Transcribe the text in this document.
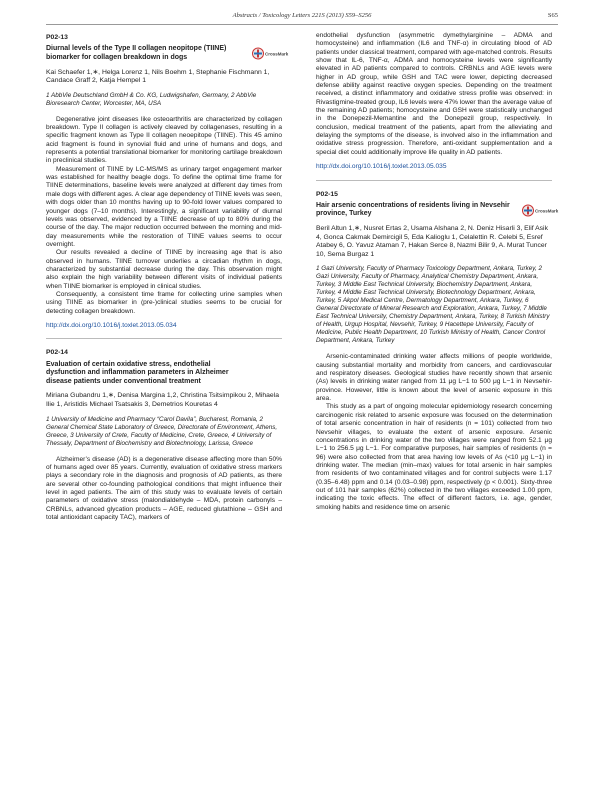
Abstracts / Toxicology Letters 221S (2013) S59–S256	S65
P02-13
Diurnal levels of the Type II collagen neopitope (TIINE) biomarker for collagen breakdown in dogs	CrossMark
Kai Schaefer 1,∗, Helga Lorenz 1, Nils Boehm 1, Stephanie Fischmann 1, Candace Graff 2, Katja Hempel 1
1 AbbVie Deutschland GmbH & Co. KG, Ludwigshafen, Germany, 2 AbbVie Bioresearch Center, Worcester, MA, USA

Degenerative joint diseases like osteoarthritis are characterized by collagen breakdown. Type II collagen is actively cleaved by collagenases, resulting in a specific fragment known as Type II collagen neoepitope (TIINE). This 45 amino acid fragment is found in synovial fluid and urine of humans and dogs, and represents a potential translational biomarker for monitoring cartilage breakdown in preclinical studies.

Measurement of TIINE by LC-MS/MS as urinary target engagement marker was established for healthy beagle dogs. To define the optimal time frame for TIINE determinations, baseline levels were analyzed at different day times from male dogs with different ages. A clear age dependency of TIINE levels was seen, with dogs older than 10 months having up to 90-fold lower values compared to younger dogs (7–10 months). Interestingly, a significant variability of diurnal levels was observed, evidenced by a TIINE decrease of up to 80% during the course of the day. The major reduction occurred between the morning and mid-day measurements while the restoration of TIINE values seems to occur overnight.

Our results revealed a decline of TIINE by increasing age that is also observed in humans. TIINE turnover underlies a circadian rhythm in dogs, characterized by substantial decrease during the day. This observation might also explain the high variability between different visits of individual patients when TIINE biomarker is employed in clinical studies.

Consequently, a consistent time frame for collecting urine samples when using TIINE as biomarker in (pre-)clinical studies seems to be crucial for detecting collagen breakdown.

http://dx.doi.org/10.1016/j.toxlet.2013.05.034
P02-14
Evaluation of certain oxidative stress, endothelial dysfunction and inflammation parameters in Alzheimer disease patients under conventional treatment
Miriana Gubandru 1,∗, Denisa Margina 1,2, Christina Tsitsimpikou 2, Mihaela Ilie 1, Aristidis Michael Tsatsakis 3, Demetrios Kouretas 4
1 University of Medicine and Pharmacy “Carol Davila”, Bucharest, Romania, 2 General Chemical State Laboratory of Greece, Directorate of Environment, Athens, Greece, 3 University of Crete, Faculty of Medicine, Crete, Greece, 4 University of Thessaly, Department of Biochemistry and Biotechnology, Larissa, Greece

Alzheimer’s disease (AD) is a degenerative disease affecting more than 50% of humans aged over 85 years. Currently, evaluation of oxidative stress markers plays a secondary role in the diagnosis and prognosis of AD patients, as there are several other co-founding pathological conditions that might influence their level in aged patients. The aim of this study was to evaluate levels of certain parameters of oxidative stress (malondialdehyde – MDA, protein carbonyls – CRBNLs, advanced glycation products – AGE, reduced glutathione – GSH and total antioxidant capacity TAC), markers of

endothelial dysfunction (asymmetric dymethylarginine – ADMA and homocysteine) and inflammation (IL6 and TNF-α) in circulating blood of AD patients under classical treatment, compared with age-matched controls. Results show that IL-6, TNF-α, ADMA and homocysteine levels were significantly elevated in AD patients compared to controls. CRBNLs and AGE levels were higher in AD group, while GSH and TAC were lower, depicting decreased defense ability against reactive oxygen species. Depending on the treatment received, a distinct inflammatory and oxidative stress profile was observed: in Rivastigmine-treated group, IL6 levels were 47% lower than the average value of the remaining AD patients; homocysteine and GSH were statistically unchanged in the Donepezil-Memantine and the Donepezil group, respectively. In conclusion, medical treatment of the patients, apart from the alleviating and delaying the symptoms of the disease, is involved also in the inflammation and oxidative stress progression. Therefore, anti-oxidant supplementation and a special diet could additionally improve life quality in AD patients.

http://dx.doi.org/10.1016/j.toxlet.2013.05.035
P02-15
Hair arsenic concentrations of residents living in Nevsehir province, Turkey	CrossMark
Beril Altun 1,∗, Nusret Ertas 2, Usama Alshana 2, N. Deniz Hisarli 3, Elif Asik 4, Gonca Cakmak Demircigil 5, Eda Kalioglu 1, Celalettin R. Celebi 5, Esref Atabey 6, O. Yavuz Ataman 7, Hakan Serce 8, Nazmi Bilir 9, A. Murat Tuncer 10, Sema Burgaz 1
1 Gazi University, Faculty of Pharmacy Toxicology Department, Ankara, Turkey, 2 Gazi University, Faculty of Pharmacy, Analytical Chemistry Department, Ankara, Turkey, 3 Middle East Technical University, Biochemistry Department, Ankara, Turkey, 4 Middle East Technical University, Biotechnology Department, Ankara, Turkey, 5 Akpol Medical Centre, Dermatology Department, Ankara, Turkey, 6 General Directorate of Mineral Research and Exploration, Ankara, Turkey, 7 Middle East Technical University, Chemistry Department, Ankara, Turkey, 8 Turkish Ministry of Health, Urgup Hospital, Nevsehir, Turkey, 9 Hacettepe University, Faculty of Medicine, Public Health Department, 10 Turkish Ministry of Health, Cancer Control Department, Ankara, Turkey

Arsenic-contaminated drinking water affects millions of people worldwide, causing substantial mortality and morbidity from cancers, and cardiovascular and respiratory diseases. Geological studies have recently shown that arsenic (As) levels in drinking water ranged from 11 μg L−1 to 500 μg L−1 in Nevsehir-province. However, little is known about the level of arsenic exposure in this area.

This study as a part of ongoing molecular epidemiology research concerning carcinogenic risk related to arsenic exposure was focused on the determination of total arsenic concentration in hair of residents (n = 101) collected from two Nevsehir villages, to evaluate the extent of arsenic exposure. Arsenic concentrations in drinking water of the two villages were ranged from 52.1 μg L−1 to 256.5 μg L−1. For comparative purposes, hair samples of residents (n = 96) were also collected from that area having low levels of As (<10 μg L−1) in drinking water. The median (min–max) values for total arsenic in hair samples from residents of two contaminated villages and for control subjects were 1.17 (0.35–6.48) ppm and 0.14 (0.03–0.98) ppm, respectively (p < 0.001). Sixty-three out of 101 hair samples (62%) collected in the two villages exceeded 1.00 ppm, indicating the toxic effects. The effect of different factors, i.e. age, gender, smoking habits and residence time on arsenic
